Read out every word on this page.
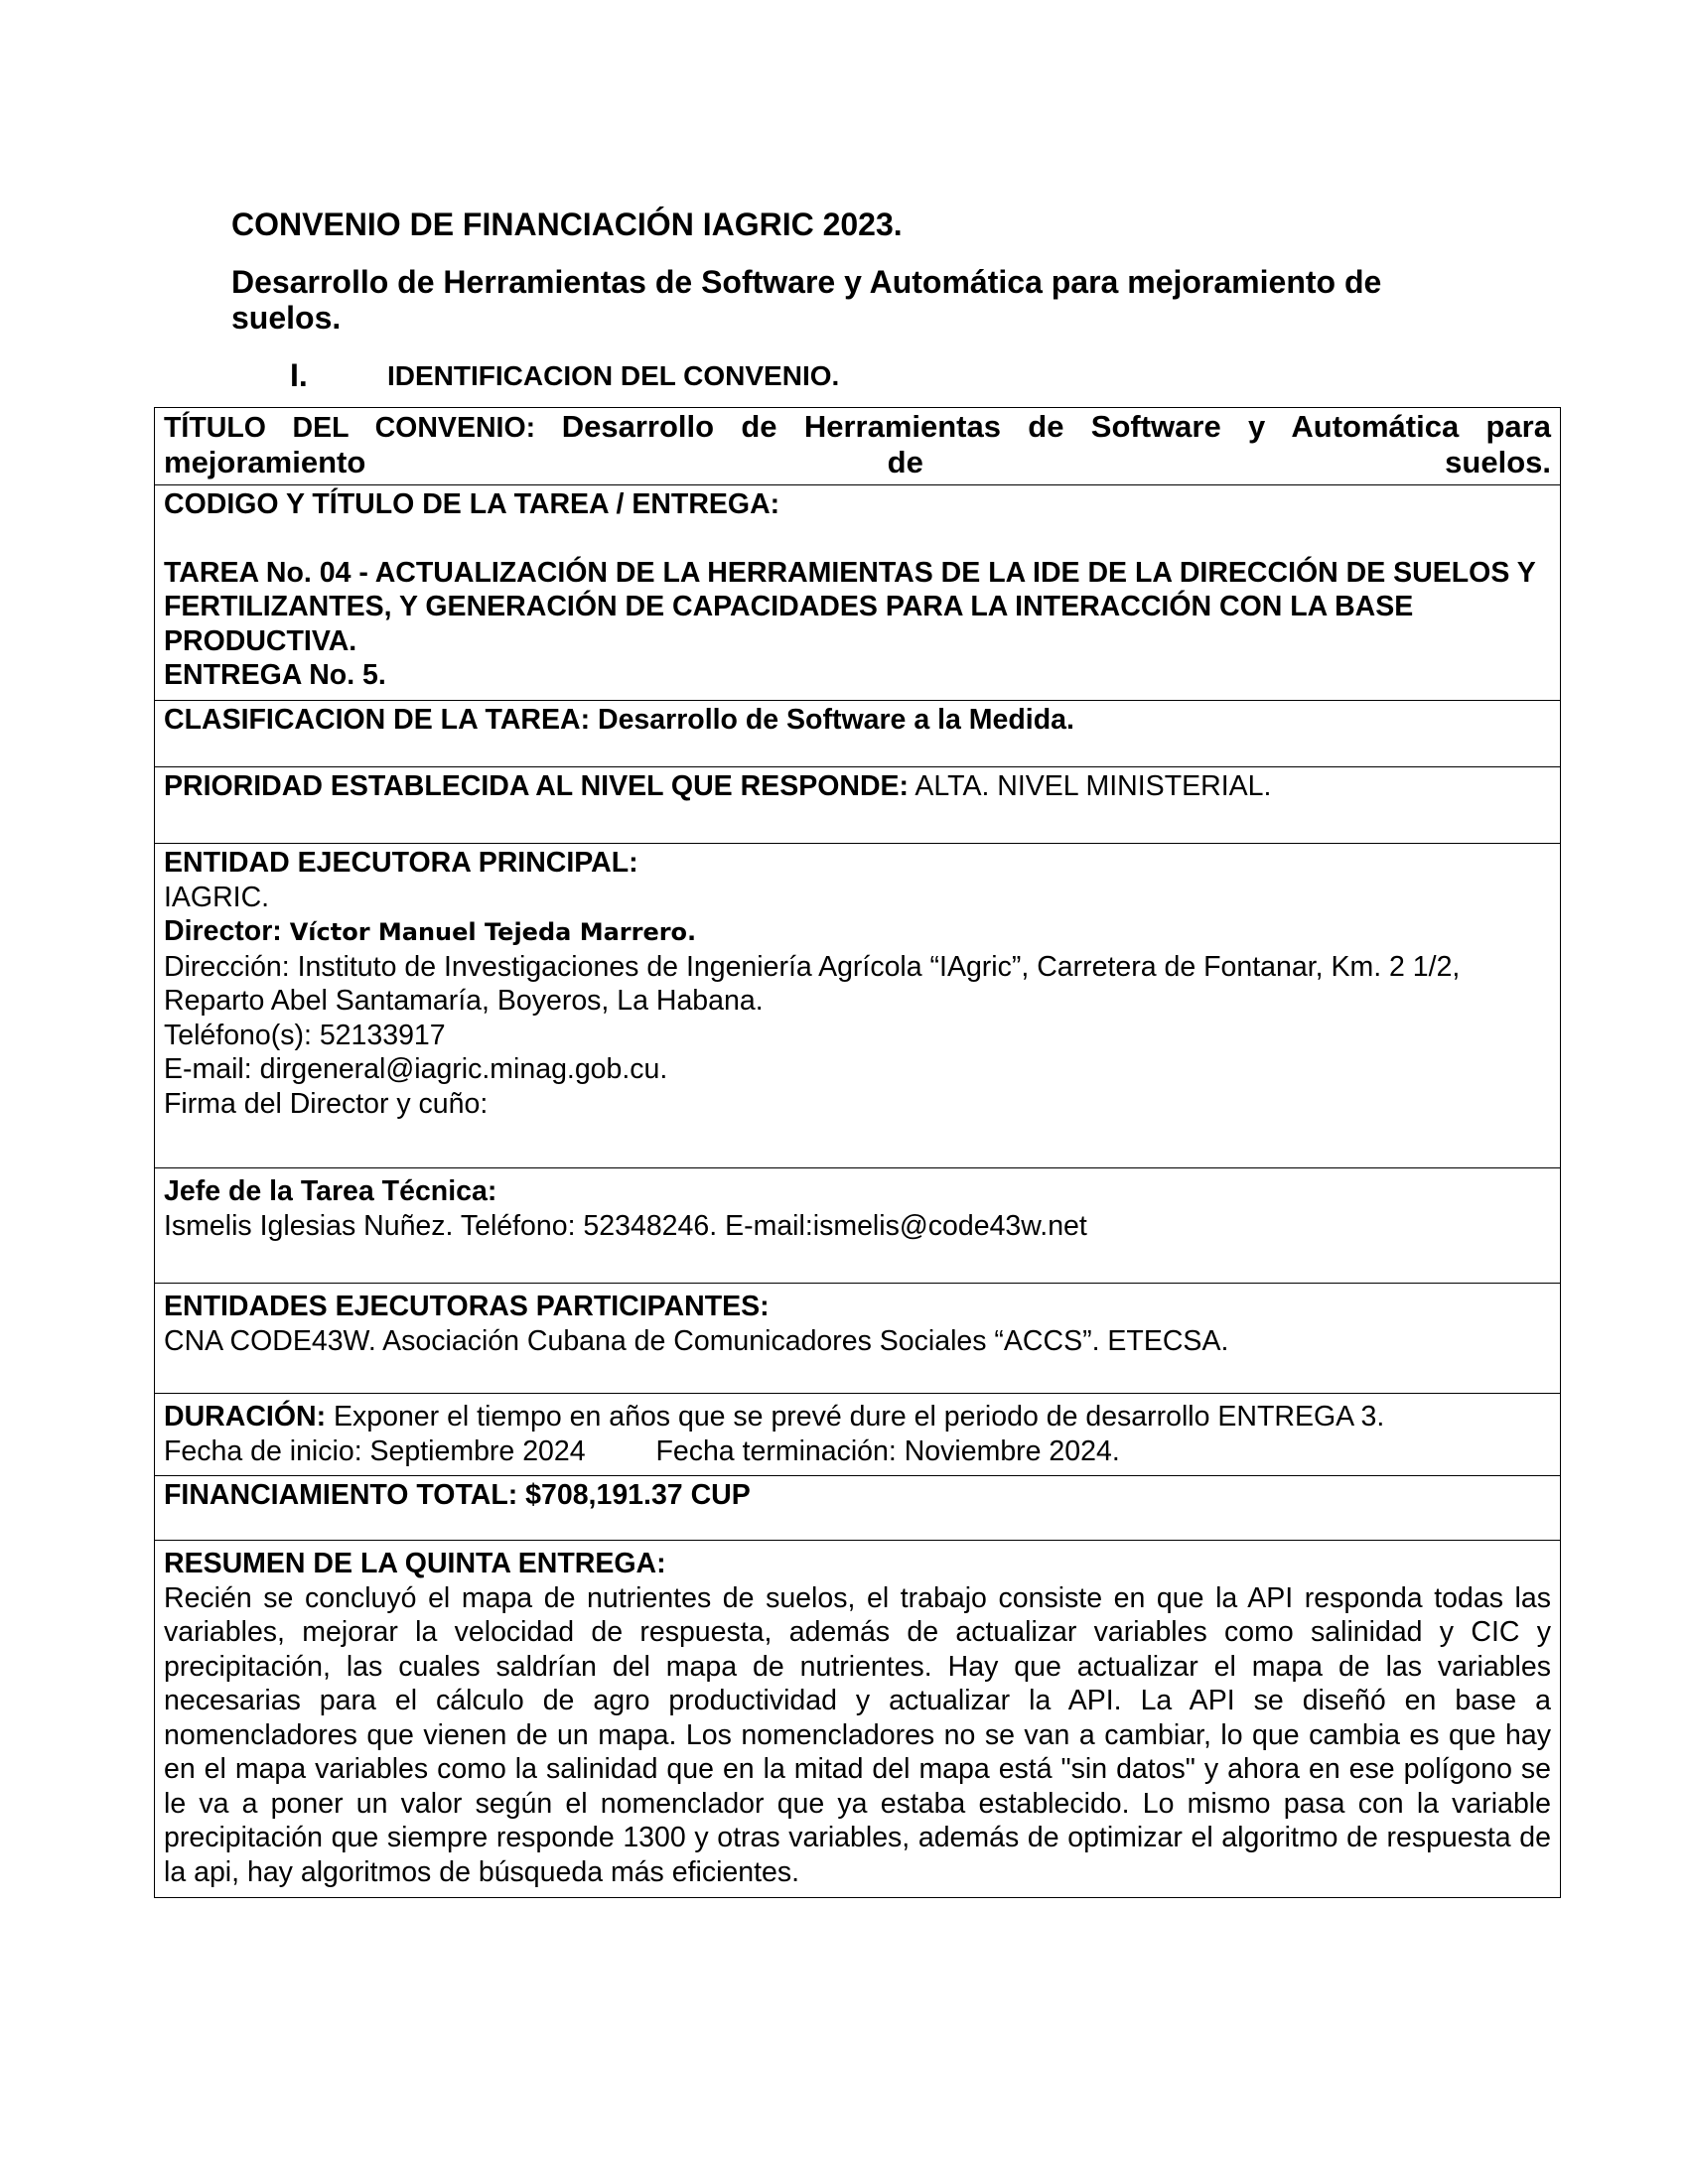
CONVENIO DE FINANCIACIÓN IAGRIC 2023.
Desarrollo de Herramientas de Software y Automática para mejoramiento de suelos.
I.	IDENTIFICACION DEL CONVENIO.
TÍTULO DEL CONVENIO: Desarrollo de Herramientas de Software y Automática para mejoramiento de suelos.

CODIGO Y TÍTULO DE LA TAREA / ENTREGA:
TAREA No. 04 - ACTUALIZACIÓN DE LA HERRAMIENTAS DE LA IDE DE LA DIRECCIÓN DE SUELOS Y FERTILIZANTES, Y GENERACIÓN DE CAPACIDADES PARA LA INTERACCIÓN CON LA BASE PRODUCTIVA.
ENTREGA No. 5.

CLASIFICACION DE LA TAREA: Desarrollo de Software a la Medida.
PRIORIDAD ESTABLECIDA AL NIVEL QUE RESPONDE: ALTA. NIVEL MINISTERIAL.

ENTIDAD EJECUTORA PRINCIPAL:
IAGRIC.
Director: Víctor Manuel Tejeda Marrero.
Dirección: Instituto de Investigaciones de Ingeniería Agrícola “IAgric”, Carretera de Fontanar, Km. 2 1/2, Reparto Abel Santamaría, Boyeros, La Habana.
Teléfono(s): 52133917
E-mail: dirgeneral@iagric.minag.gob.cu.
Firma del Director y cuño:

Jefe de la Tarea Técnica:
Ismelis Iglesias Nuñez. Teléfono: 52348246. E-mail:ismelis@code43w.net

ENTIDADES EJECUTORAS PARTICIPANTES:
CNA CODE43W. Asociación Cubana de Comunicadores Sociales “ACCS”. ETECSA.

DURACIÓN: Exponer el tiempo en años que se prevé dure el periodo de desarrollo ENTREGA 3.
Fecha de inicio: Septiembre 2024 Fecha terminación: Noviembre 2024.

FINANCIAMIENTO TOTAL: $708,191.37 CUP

RESUMEN DE LA QUINTA ENTREGA:
Recién se concluyó el mapa de nutrientes de suelos, el trabajo consiste en que la API responda todas las variables, mejorar la velocidad de respuesta, además de actualizar variables como salinidad y CIC y precipitación, las cuales saldrían del mapa de nutrientes. Hay que actualizar el mapa de las variables necesarias para el cálculo de agro productividad y actualizar la API. La API se diseñó en base a nomencladores que vienen de un mapa. Los nomencladores no se van a cambiar, lo que cambia es que hay en el mapa variables como la salinidad que en la mitad del mapa está "sin datos" y ahora en ese polígono se le va a poner un valor según el nomenclador que ya estaba establecido. Lo mismo pasa con la variable precipitación que siempre responde 1300 y otras variables, además de optimizar el algoritmo de respuesta de la api, hay algoritmos de búsqueda más eficientes.
